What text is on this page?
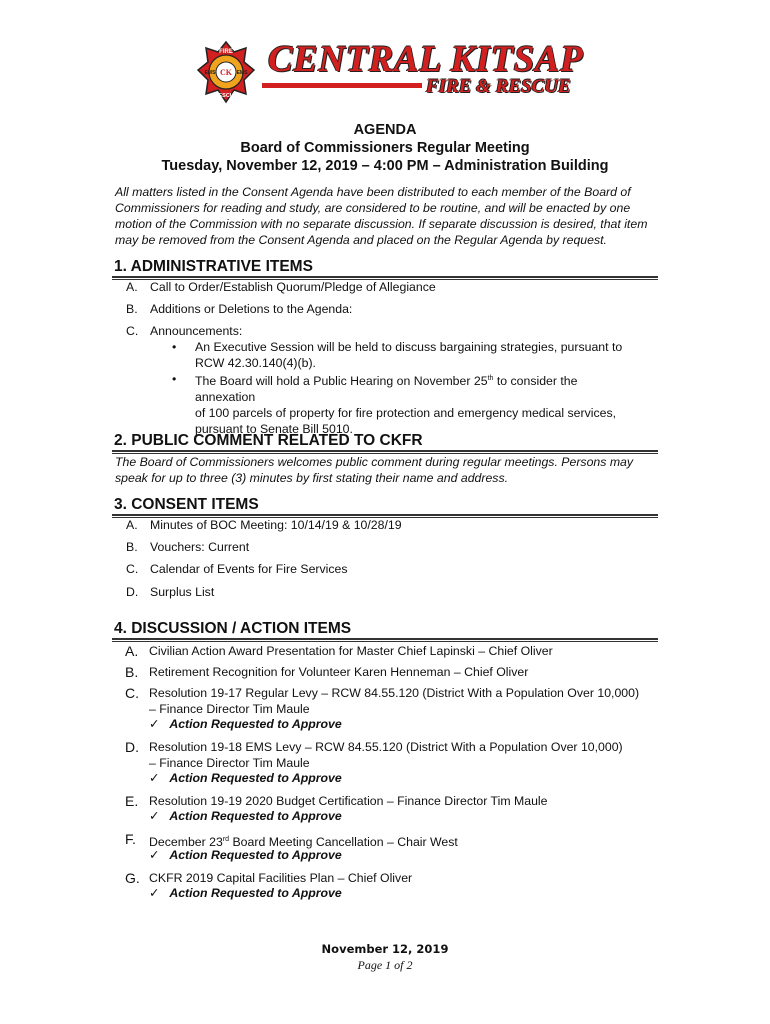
FIRE
EMS	EMS
RESCUE
CK CENTRAL KITSAP
FIRE & RESCUE
AGENDA
Board of Commissioners Regular Meeting
Tuesday, November 12, 2019 – 4:00 PM – Administration Building
All matters listed in the Consent Agenda have been distributed to each member of the Board of Commissioners for reading and study, are considered to be routine, and will be enacted by one motion of the Commission with no separate discussion. If separate discussion is desired, that item may be removed from the Consent Agenda and placed on the Regular Agenda by request.
1. ADMINISTRATIVE ITEMS
A. Call to Order/Establish Quorum/Pledge of Allegiance
B. Additions or Deletions to the Agenda:
C. Announcements:
• An Executive Session will be held to discuss bargaining strategies, pursuant to
RCW 42.30.140(4)(b).
• The Board will hold a Public Hearing on November 25th to consider the annexation
of 100 parcels of property for fire protection and emergency medical services,
pursuant to Senate Bill 5010.
2. PUBLIC COMMENT RELATED TO CKFR
The Board of Commissioners welcomes public comment during regular meetings. Persons may speak for up to three (3) minutes by first stating their name and address.
3. CONSENT ITEMS
A. Minutes of BOC Meeting: 10/14/19 & 10/28/19
B. Vouchers: Current
C. Calendar of Events for Fire Services
D. Surplus List
4. DISCUSSION / ACTION ITEMS
A. Civilian Action Award Presentation for Master Chief Lapinski – Chief Oliver
B. Retirement Recognition for Volunteer Karen Henneman – Chief Oliver
C. Resolution 19-17 Regular Levy – RCW 84.55.120 (District With a Population Over 10,000)
– Finance Director Tim Maule
✓ Action Requested to Approve
D. Resolution 19-18 EMS Levy – RCW 84.55.120 (District With a Population Over 10,000)
– Finance Director Tim Maule
✓ Action Requested to Approve
E. Resolution 19-19 2020 Budget Certification – Finance Director Tim Maule
✓ Action Requested to Approve
F. December 23rd Board Meeting Cancellation – Chair West
✓ Action Requested to Approve
G. CKFR 2019 Capital Facilities Plan – Chief Oliver
✓ Action Requested to Approve
November 12, 2019
Page 1 of 2
